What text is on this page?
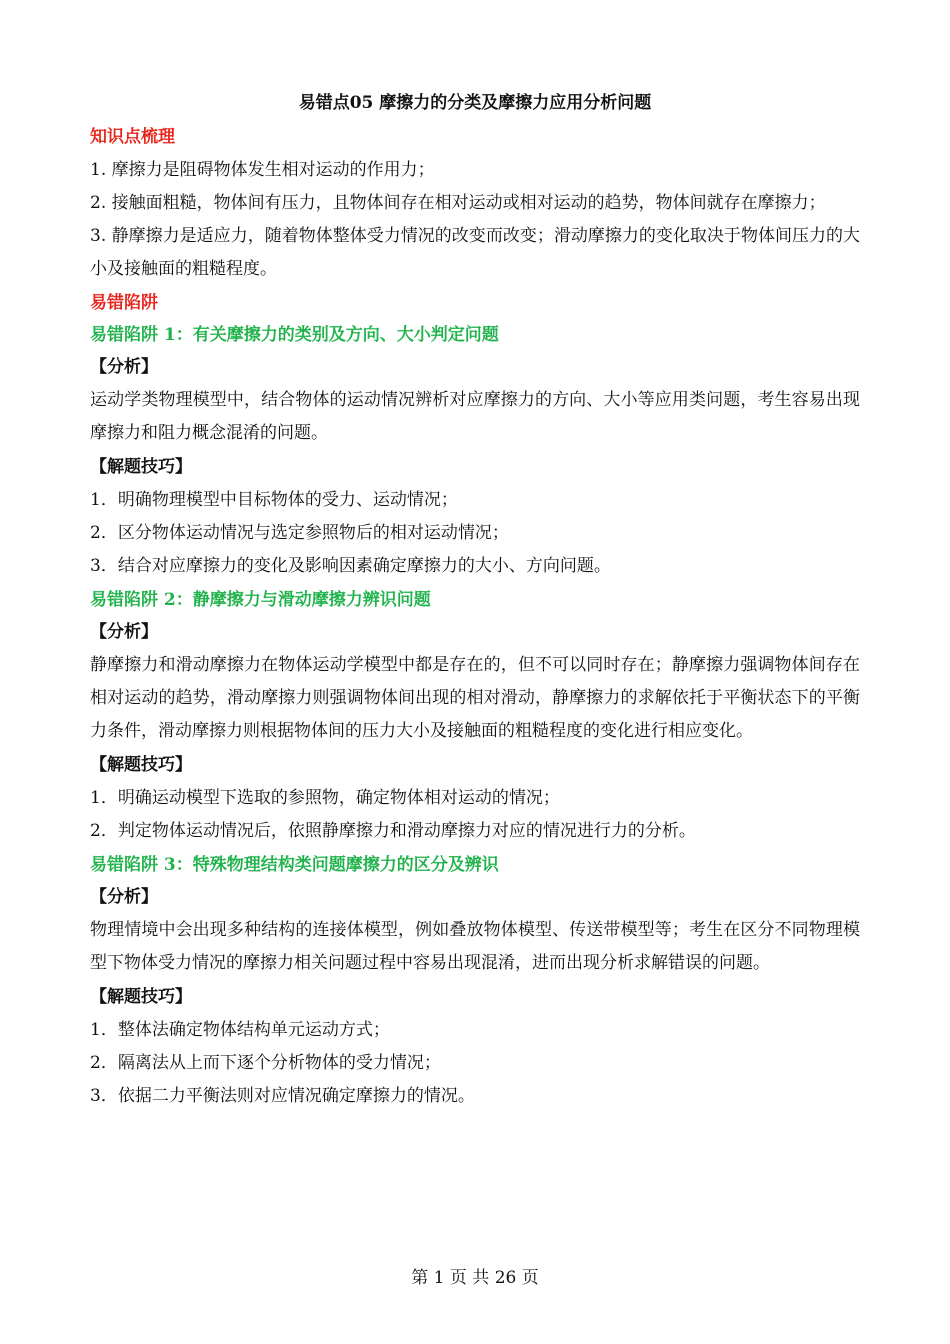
易错点05 摩擦力的分类及摩擦力应用分析问题
知识点梳理

1. 摩擦力是阻碍物体发生相对运动的作用力；

2. 接触面粗糙，物体间有压力，且物体间存在相对运动或相对运动的趋势，物体间就存在摩擦力；

3. 静摩擦力是适应力，随着物体整体受力情况的改变而改变；滑动摩擦力的变化取决于物体间压力的大小及接触面的粗糙程度。

易错陷阱
易错陷阱 1：有关摩擦力的类别及方向、大小判定问题
【分析】

运动学类物理模型中，结合物体的运动情况辨析对应摩擦力的方向、大小等应用类问题，考生容易出现摩擦力和阻力概念混淆的问题。

【解题技巧】

1．明确物理模型中目标物体的受力、运动情况；

2．区分物体运动情况与选定参照物后的相对运动情况；

3．结合对应摩擦力的变化及影响因素确定摩擦力的大小、方向问题。

易错陷阱 2：静摩擦力与滑动摩擦力辨识问题
【分析】

静摩擦力和滑动摩擦力在物体运动学模型中都是存在的，但不可以同时存在；静摩擦力强调物体间存在相对运动的趋势，滑动摩擦力则强调物体间出现的相对滑动，静摩擦力的求解依托于平衡状态下的平衡力条件，滑动摩擦力则根据物体间的压力大小及接触面的粗糙程度的变化进行相应变化。

【解题技巧】

1．明确运动模型下选取的参照物，确定物体相对运动的情况；

2．判定物体运动情况后，依照静摩擦力和滑动摩擦力对应的情况进行力的分析。

易错陷阱 3：特殊物理结构类问题摩擦力的区分及辨识
【分析】

物理情境中会出现多种结构的连接体模型，例如叠放物体模型、传送带模型等；考生在区分不同物理模型下物体受力情况的摩擦力相关问题过程中容易出现混淆，进而出现分析求解错误的问题。

【解题技巧】

1．整体法确定物体结构单元运动方式；

2．隔离法从上而下逐个分析物体的受力情况；

3．依据二力平衡法则对应情况确定摩擦力的情况。

第 1 页 共 26 页
